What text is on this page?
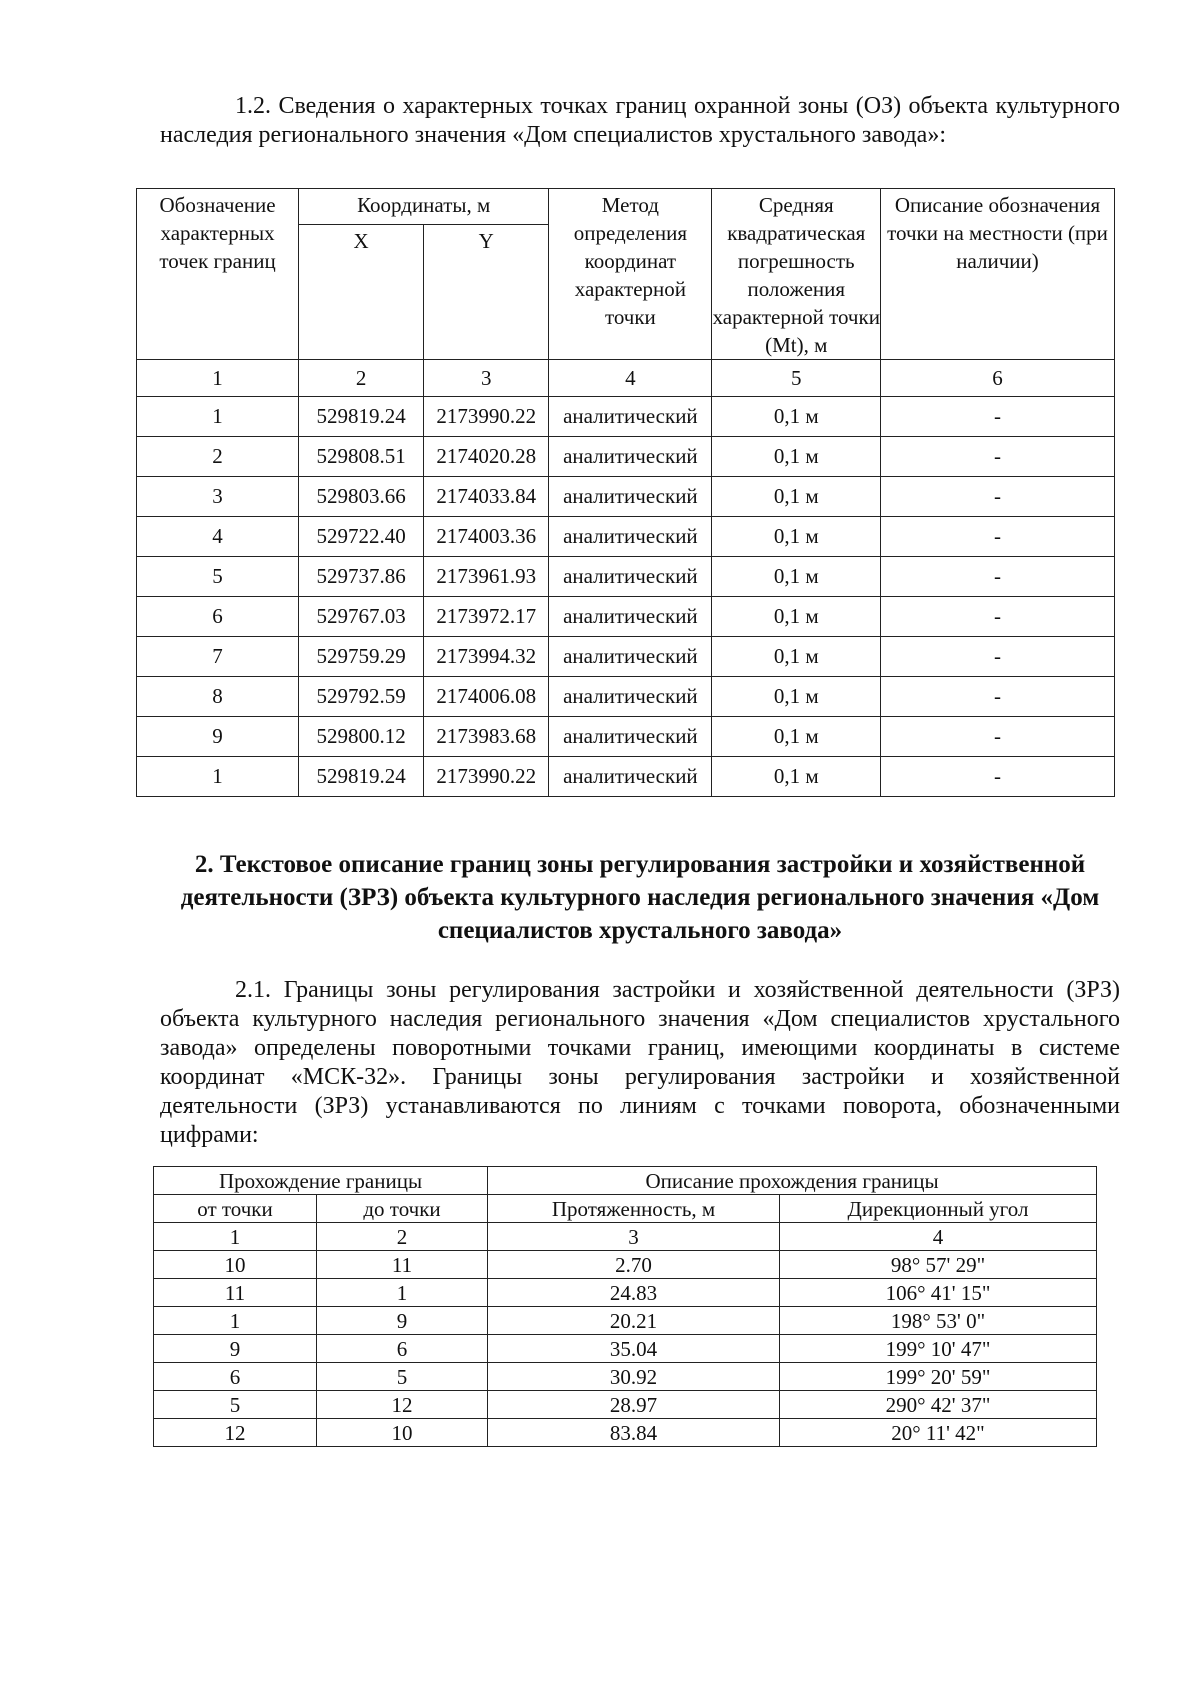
1.2. Сведения о характерных точках границ охранной зоны (ОЗ) объекта культурного наследия регионального значения «Дом специалистов хрустального завода»:
Обозначение характерных точек границ	Координаты, м		Метод определения координат характерной точки	Средняя квадратическая погрешность положения характерной точки (Mt), м	Описание обозначения точки на местности (при наличии)
	X	Y			
1	2	3	4	5	6
1	529819.24	2173990.22	аналитический	0,1 м	-
2	529808.51	2174020.28	аналитический	0,1 м	-
3	529803.66	2174033.84	аналитический	0,1 м	-
4	529722.40	2174003.36	аналитический	0,1 м	-
5	529737.86	2173961.93	аналитический	0,1 м	-
6	529767.03	2173972.17	аналитический	0,1 м	-
7	529759.29	2173994.32	аналитический	0,1 м	-
8	529792.59	2174006.08	аналитический	0,1 м	-
9	529800.12	2173983.68	аналитический	0,1 м	-
1	529819.24	2173990.22	аналитический	0,1 м	-
2. Текстовое описание границ зоны регулирования застройки и хозяйственной деятельности (ЗРЗ) объекта культурного наследия регионального значения «Дом специалистов хрустального завода»
2.1. Границы зоны регулирования застройки и хозяйственной деятельности (ЗРЗ) объекта культурного наследия регионального значения «Дом специалистов хрустального завода» определены поворотными точками границ, имеющими координаты в системе координат «МСК-32». Границы зоны регулирования застройки и хозяйственной деятельности (ЗРЗ) устанавливаются по линиям с точками поворота, обозначенными цифрами:
Прохождение границы		Описание прохождения границы	
от точки	до точки	Протяженность, м	Дирекционный угол
1	2	3	4
10	11	2.70	98° 57' 29"
11	1	24.83	106° 41' 15"
1	9	20.21	198° 53' 0"
9	6	35.04	199° 10' 47"
6	5	30.92	199° 20' 59"
5	12	28.97	290° 42' 37"
12	10	83.84	20° 11' 42"
